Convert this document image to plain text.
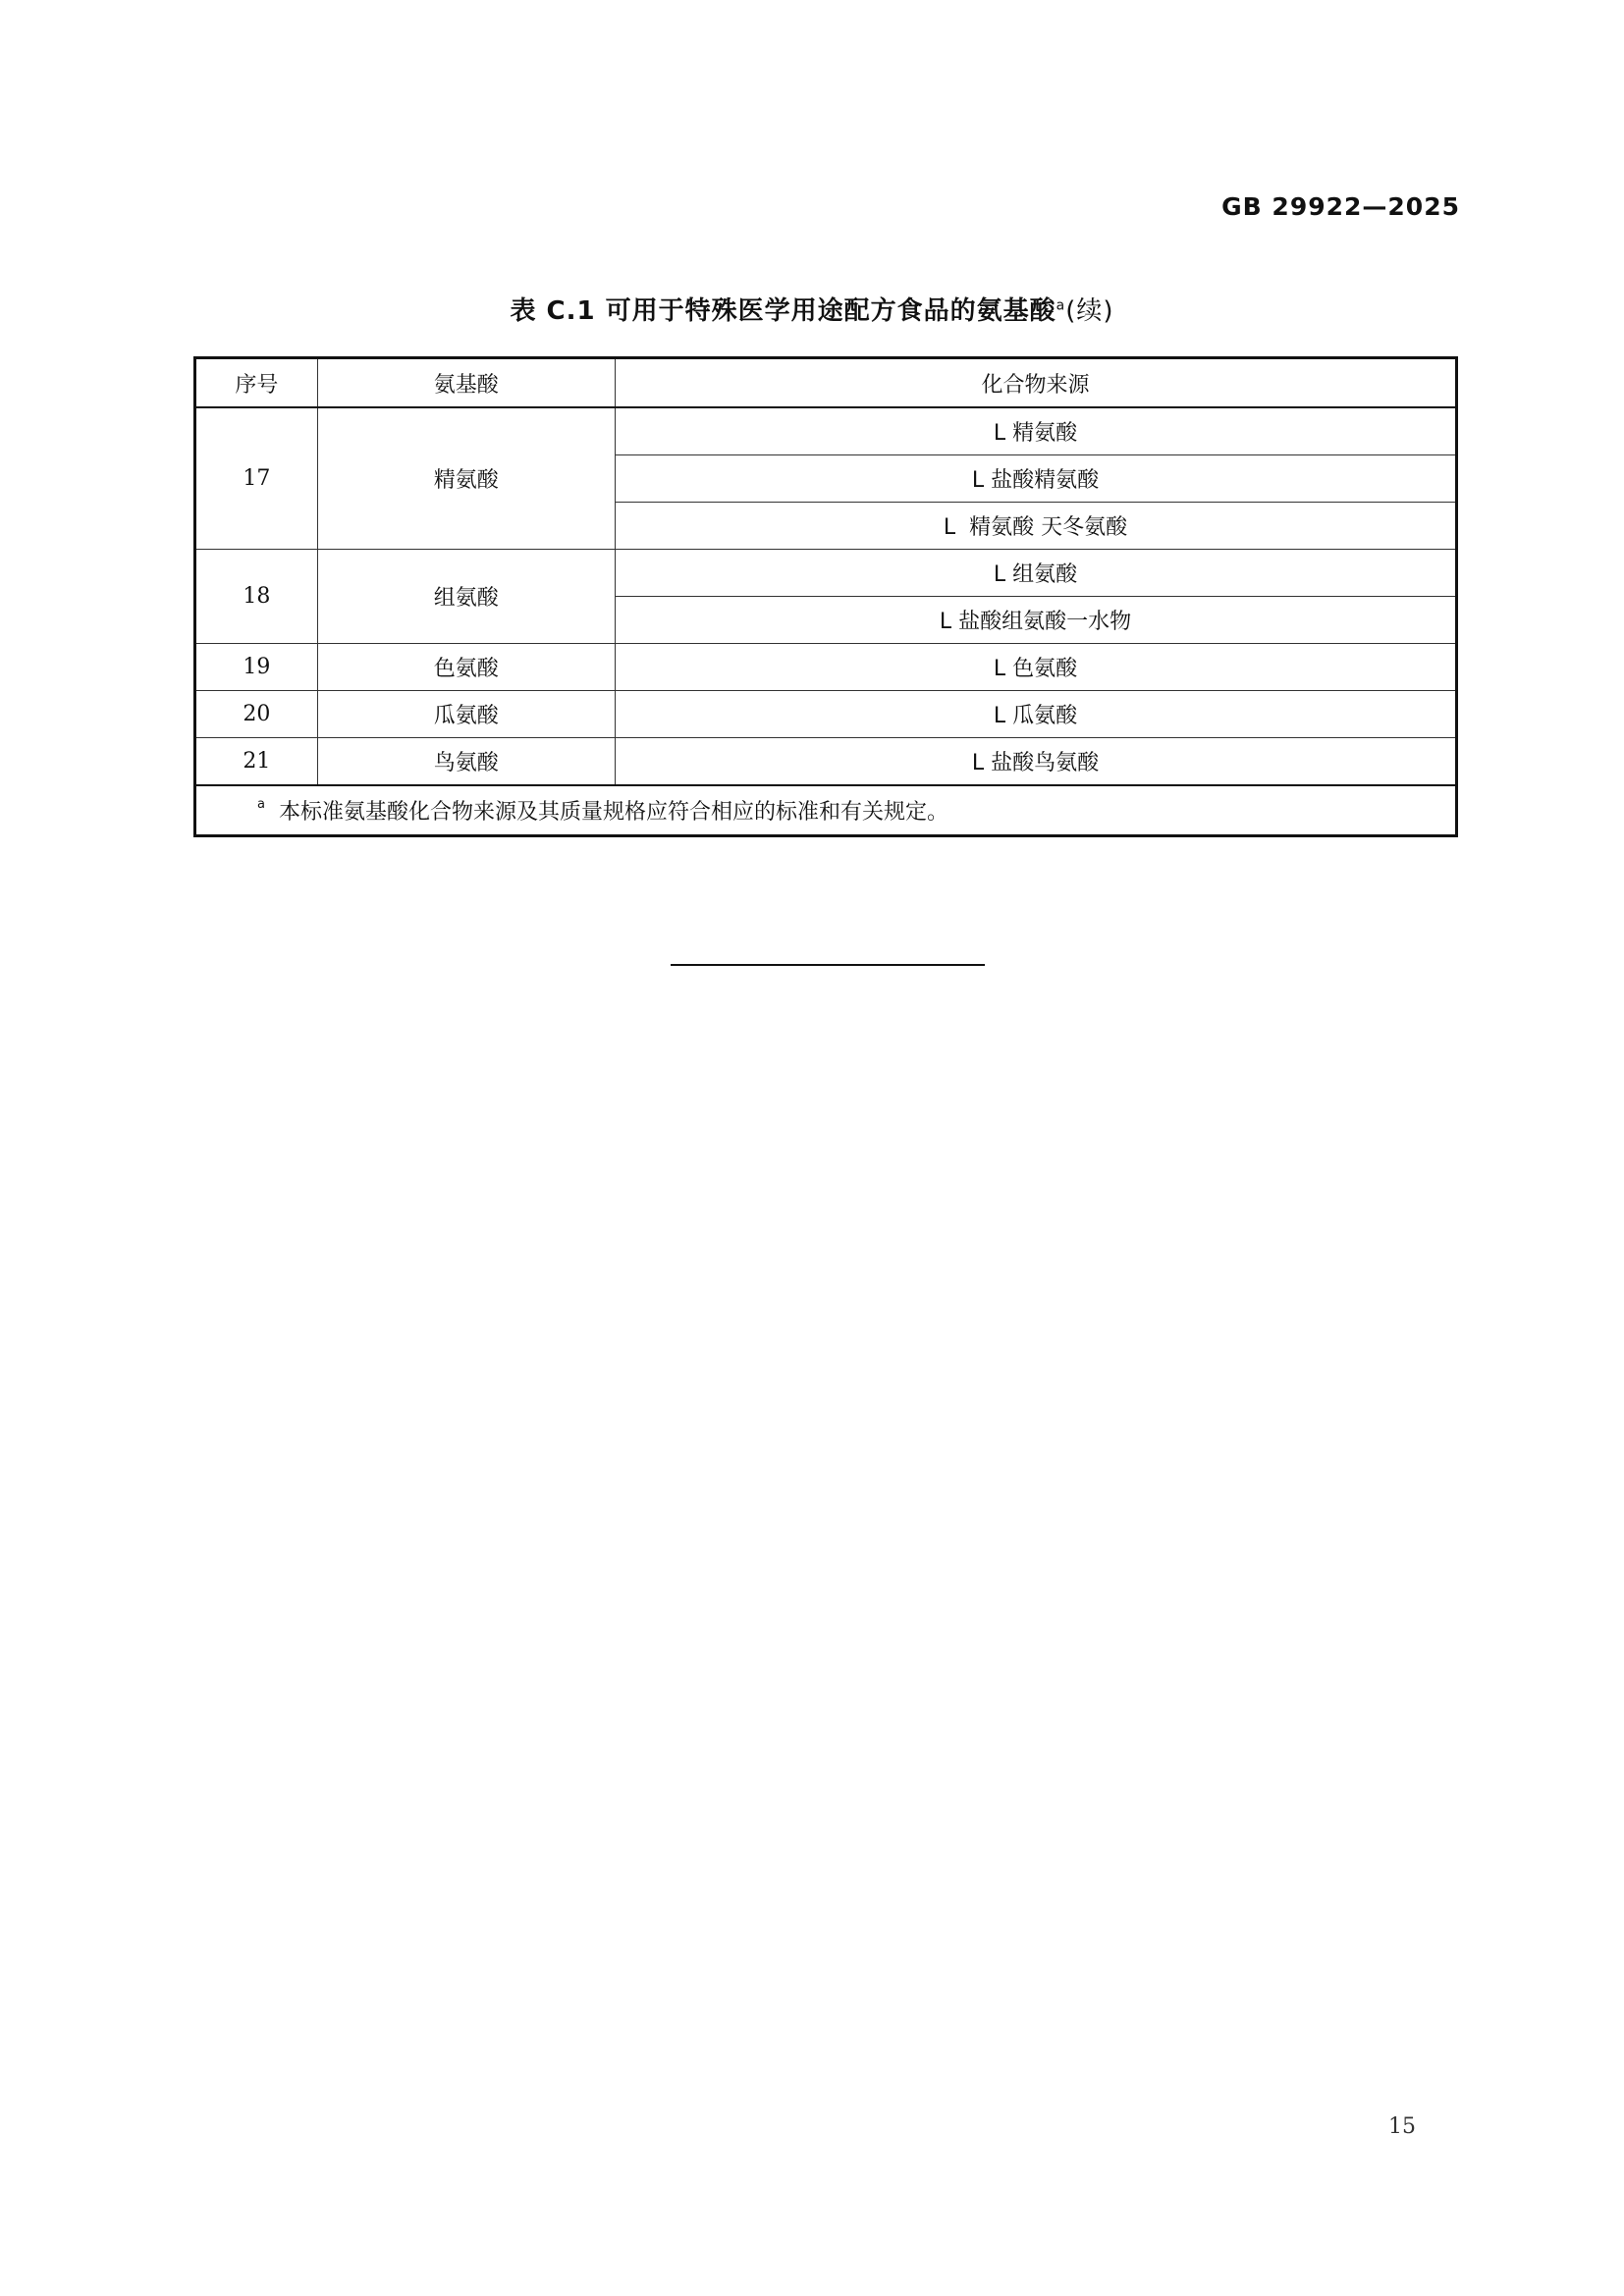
GB 29922—2025
表 C.1 可用于特殊医学用途配方食品的氨基酸$^a$(续)
序号	氨基酸	化合物来源
17	精氨酸	L 精氨酸
		L 盐酸精氨酸
		L  精氨酸 天冬氨酸
18	组氨酸	L 组氨酸
		L 盐酸组氨酸一水物
19	色氨酸	L 色氨酸
20	瓜氨酸	L 瓜氨酸
21	鸟氨酸	L 盐酸鸟氨酸
$^a$ 本标准氨基酸化合物来源及其质量规格应符合相应的标准和有关规定。		
15
